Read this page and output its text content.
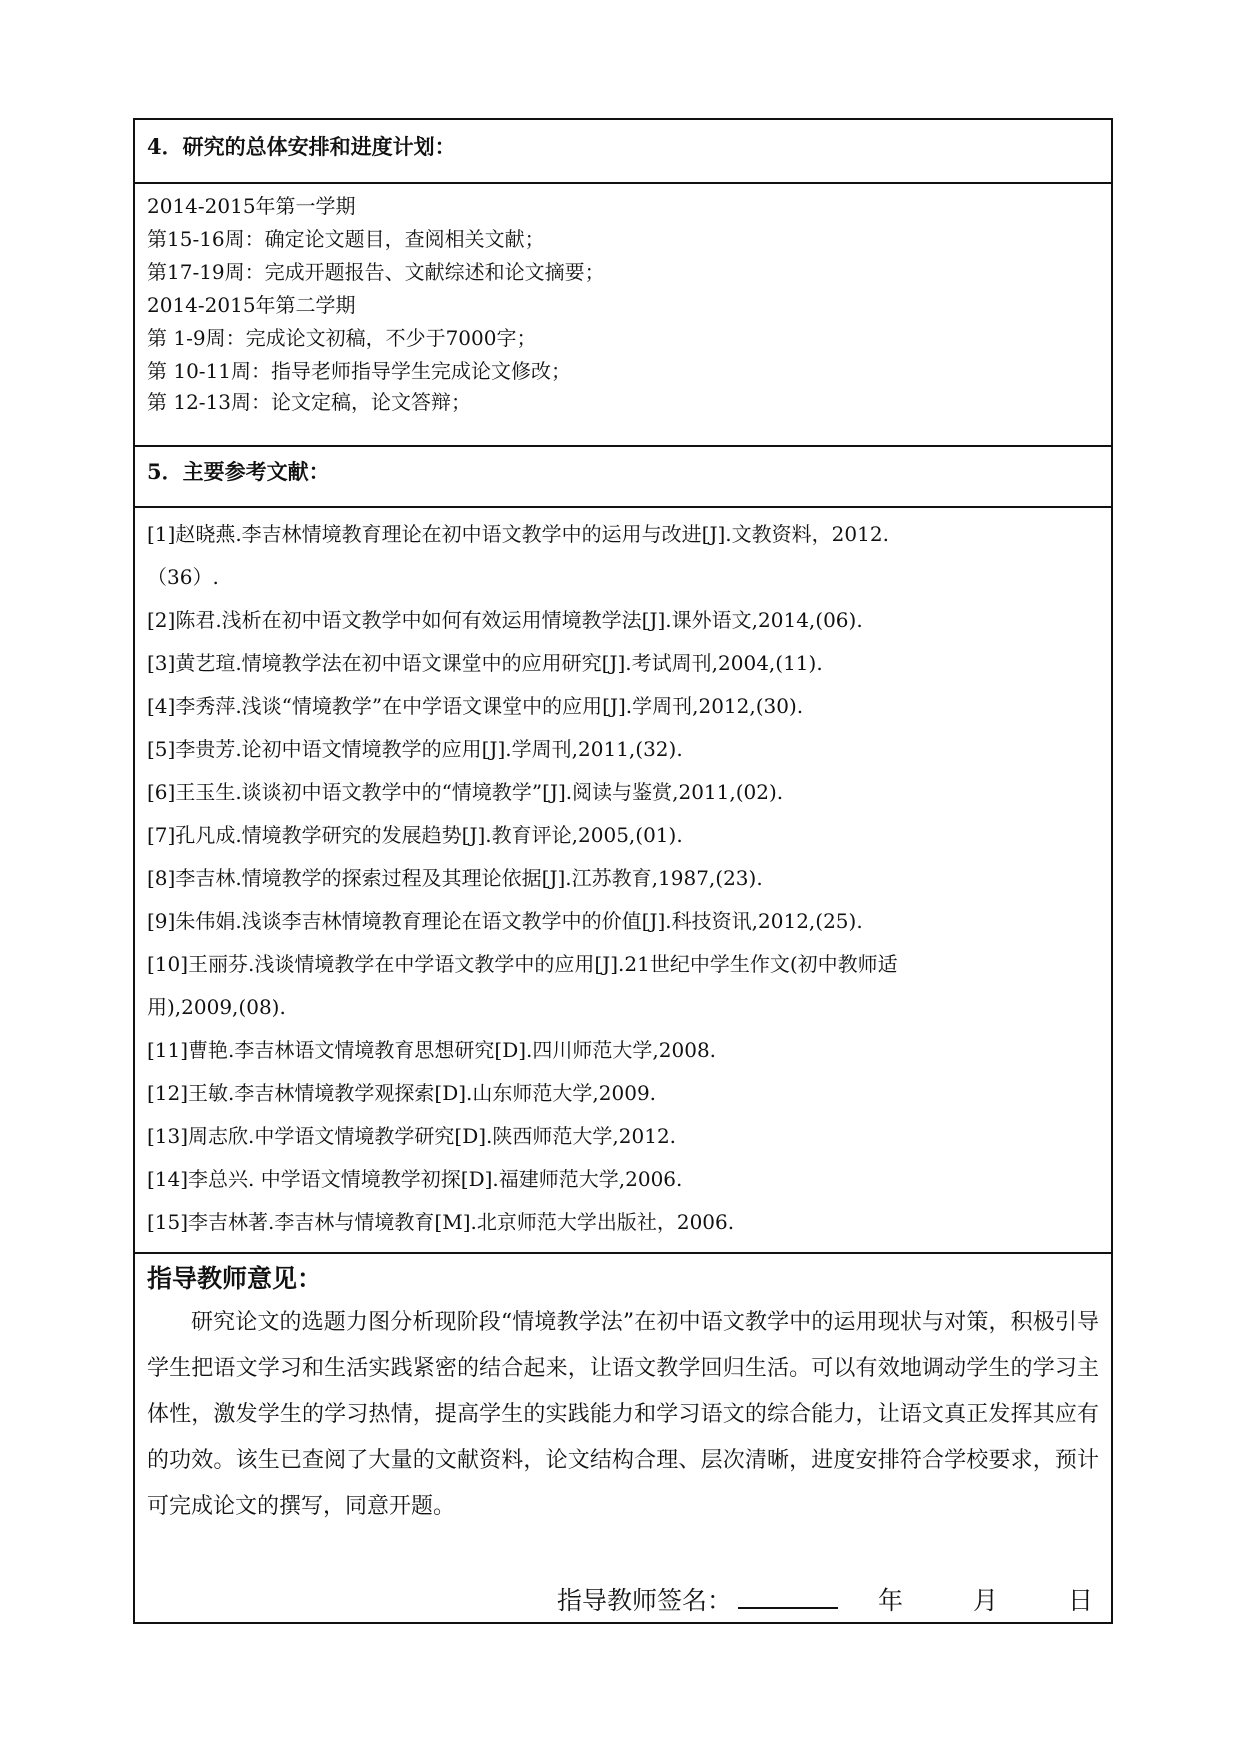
4．研究的总体安排和进度计划：
2014-2015年第一学期
第15-16周：确定论文题目，查阅相关文献；
第17-19周：完成开题报告、文献综述和论文摘要；
2014-2015年第二学期
第 1-9周：完成论文初稿，不少于7000字；
第 10-11周：指导老师指导学生完成论文修改；
第 12-13周：论文定稿，论文答辩；
5．主要参考文献：
[1]赵晓燕.李吉林情境教育理论在初中语文教学中的运用与改进[J].文教资料，2012.
（36）.
[2]陈君.浅析在初中语文教学中如何有效运用情境教学法[J].课外语文,2014,(06).
[3]黄艺瑄.情境教学法在初中语文课堂中的应用研究[J].考试周刊,2004,(11).
[4]李秀萍.浅谈“情境教学”在中学语文课堂中的应用[J].学周刊,2012,(30).
[5]李贵芳.论初中语文情境教学的应用[J].学周刊,2011,(32).
[6]王玉生.谈谈初中语文教学中的“情境教学”[J].阅读与鉴赏,2011,(02).
[7]孔凡成.情境教学研究的发展趋势[J].教育评论,2005,(01).
[8]李吉林.情境教学的探索过程及其理论依据[J].江苏教育,1987,(23).
[9]朱伟娟.浅谈李吉林情境教育理论在语文教学中的价值[J].科技资讯,2012,(25).
[10]王丽芬.浅谈情境教学在中学语文教学中的应用[J].21世纪中学生作文(初中教师适
用),2009,(08).
[11]曹艳.李吉林语文情境教育思想研究[D].四川师范大学,2008.
[12]王敏.李吉林情境教学观探索[D].山东师范大学,2009.
[13]周志欣.中学语文情境教学研究[D].陕西师范大学,2012.
[14]李总兴. 中学语文情境教学初探[D].福建师范大学,2006.
[15]李吉林著.李吉林与情境教育[M].北京师范大学出版社，2006.
指导教师意见：

研究论文的选题力图分析现阶段“情境教学法”在初中语文教学中的运用现状与对策，积极引导学生把语文学习和生活实践紧密的结合起来，让语文教学回归生活。可以有效地调动学生的学习主体性，激发学生的学习热情，提高学生的实践能力和学习语文的综合能力，让语文真正发挥其应有的功效。该生已查阅了大量的文献资料，论文结构合理、层次清晰，进度安排符合学校要求，预计可完成论文的撰写，同意开题。

指导教师签名：	年	月	日
